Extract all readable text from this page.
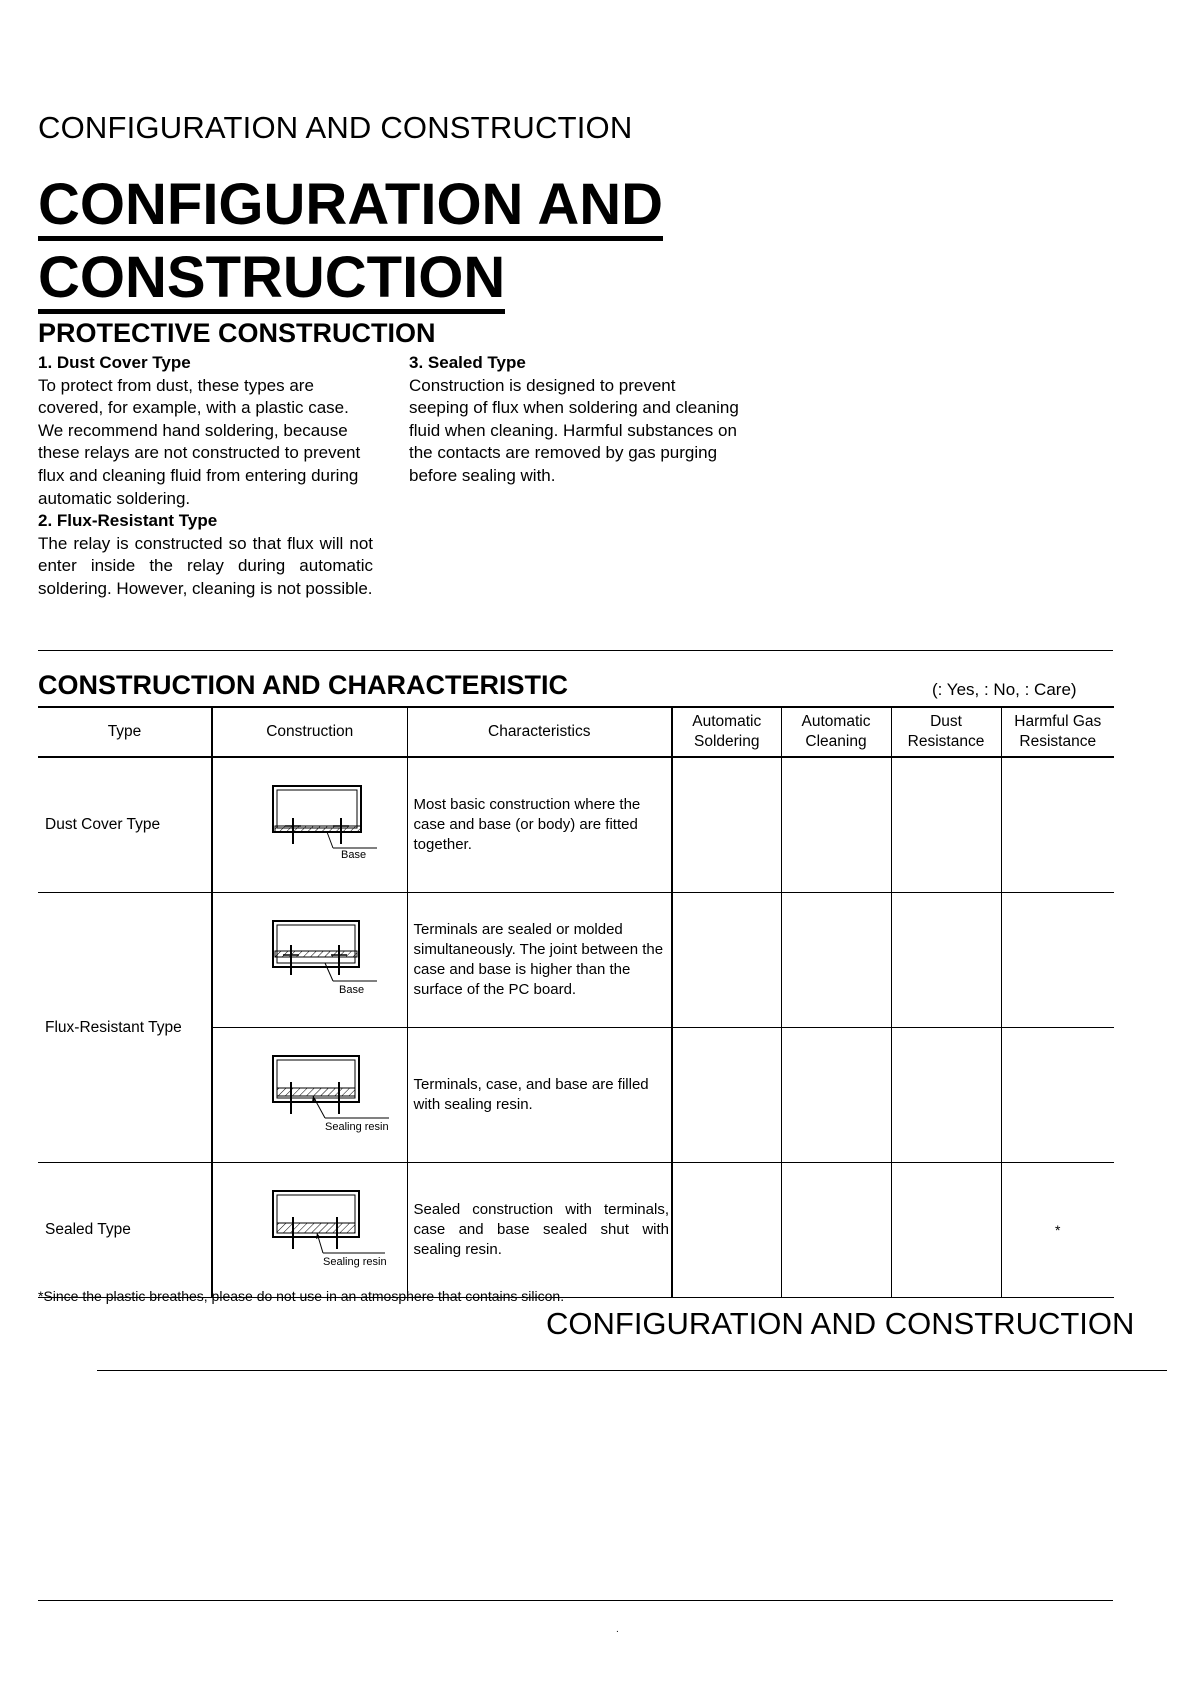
CONFIGURATION AND CONSTRUCTION
CONFIGURATION AND
CONSTRUCTION
PROTECTIVE CONSTRUCTION
1. Dust Cover Type
To protect from dust, these types are covered, for example, with a plastic case. We recommend hand soldering, because these relays are not constructed to prevent flux and cleaning fluid from entering during automatic soldering.
2. Flux-Resistant Type
The relay is constructed so that flux will not enter inside the relay during automatic soldering. However, cleaning is not possible.
3. Sealed Type
Construction is designed to prevent seeping of flux when soldering and cleaning fluid when cleaning. Harmful substances on the contacts are removed by gas purging before sealing with.
CONSTRUCTION AND CHARACTERISTIC	(: Yes, : No, : Care)
Type	Construction	Characteristics	Automatic Soldering	Automatic Cleaning	Dust Resistance	Harmful Gas Resistance
Dust Cover Type	Base	Most basic construction where the case and base (or body) are fitted together.				
Flux-Resistant Type	Base	Terminals are sealed or molded simultaneously. The joint between the case and base is higher than the surface of the PC board.				

Sealing resin	Terminals, case, and base are filled with sealing resin.				
Sealed Type	Sealing resin	Sealed construction with terminals, case and base sealed shut with sealing resin.				*
*Since the plastic breathes, please do not use in an atmosphere that contains silicon.
CONFIGURATION AND CONSTRUCTION
.
